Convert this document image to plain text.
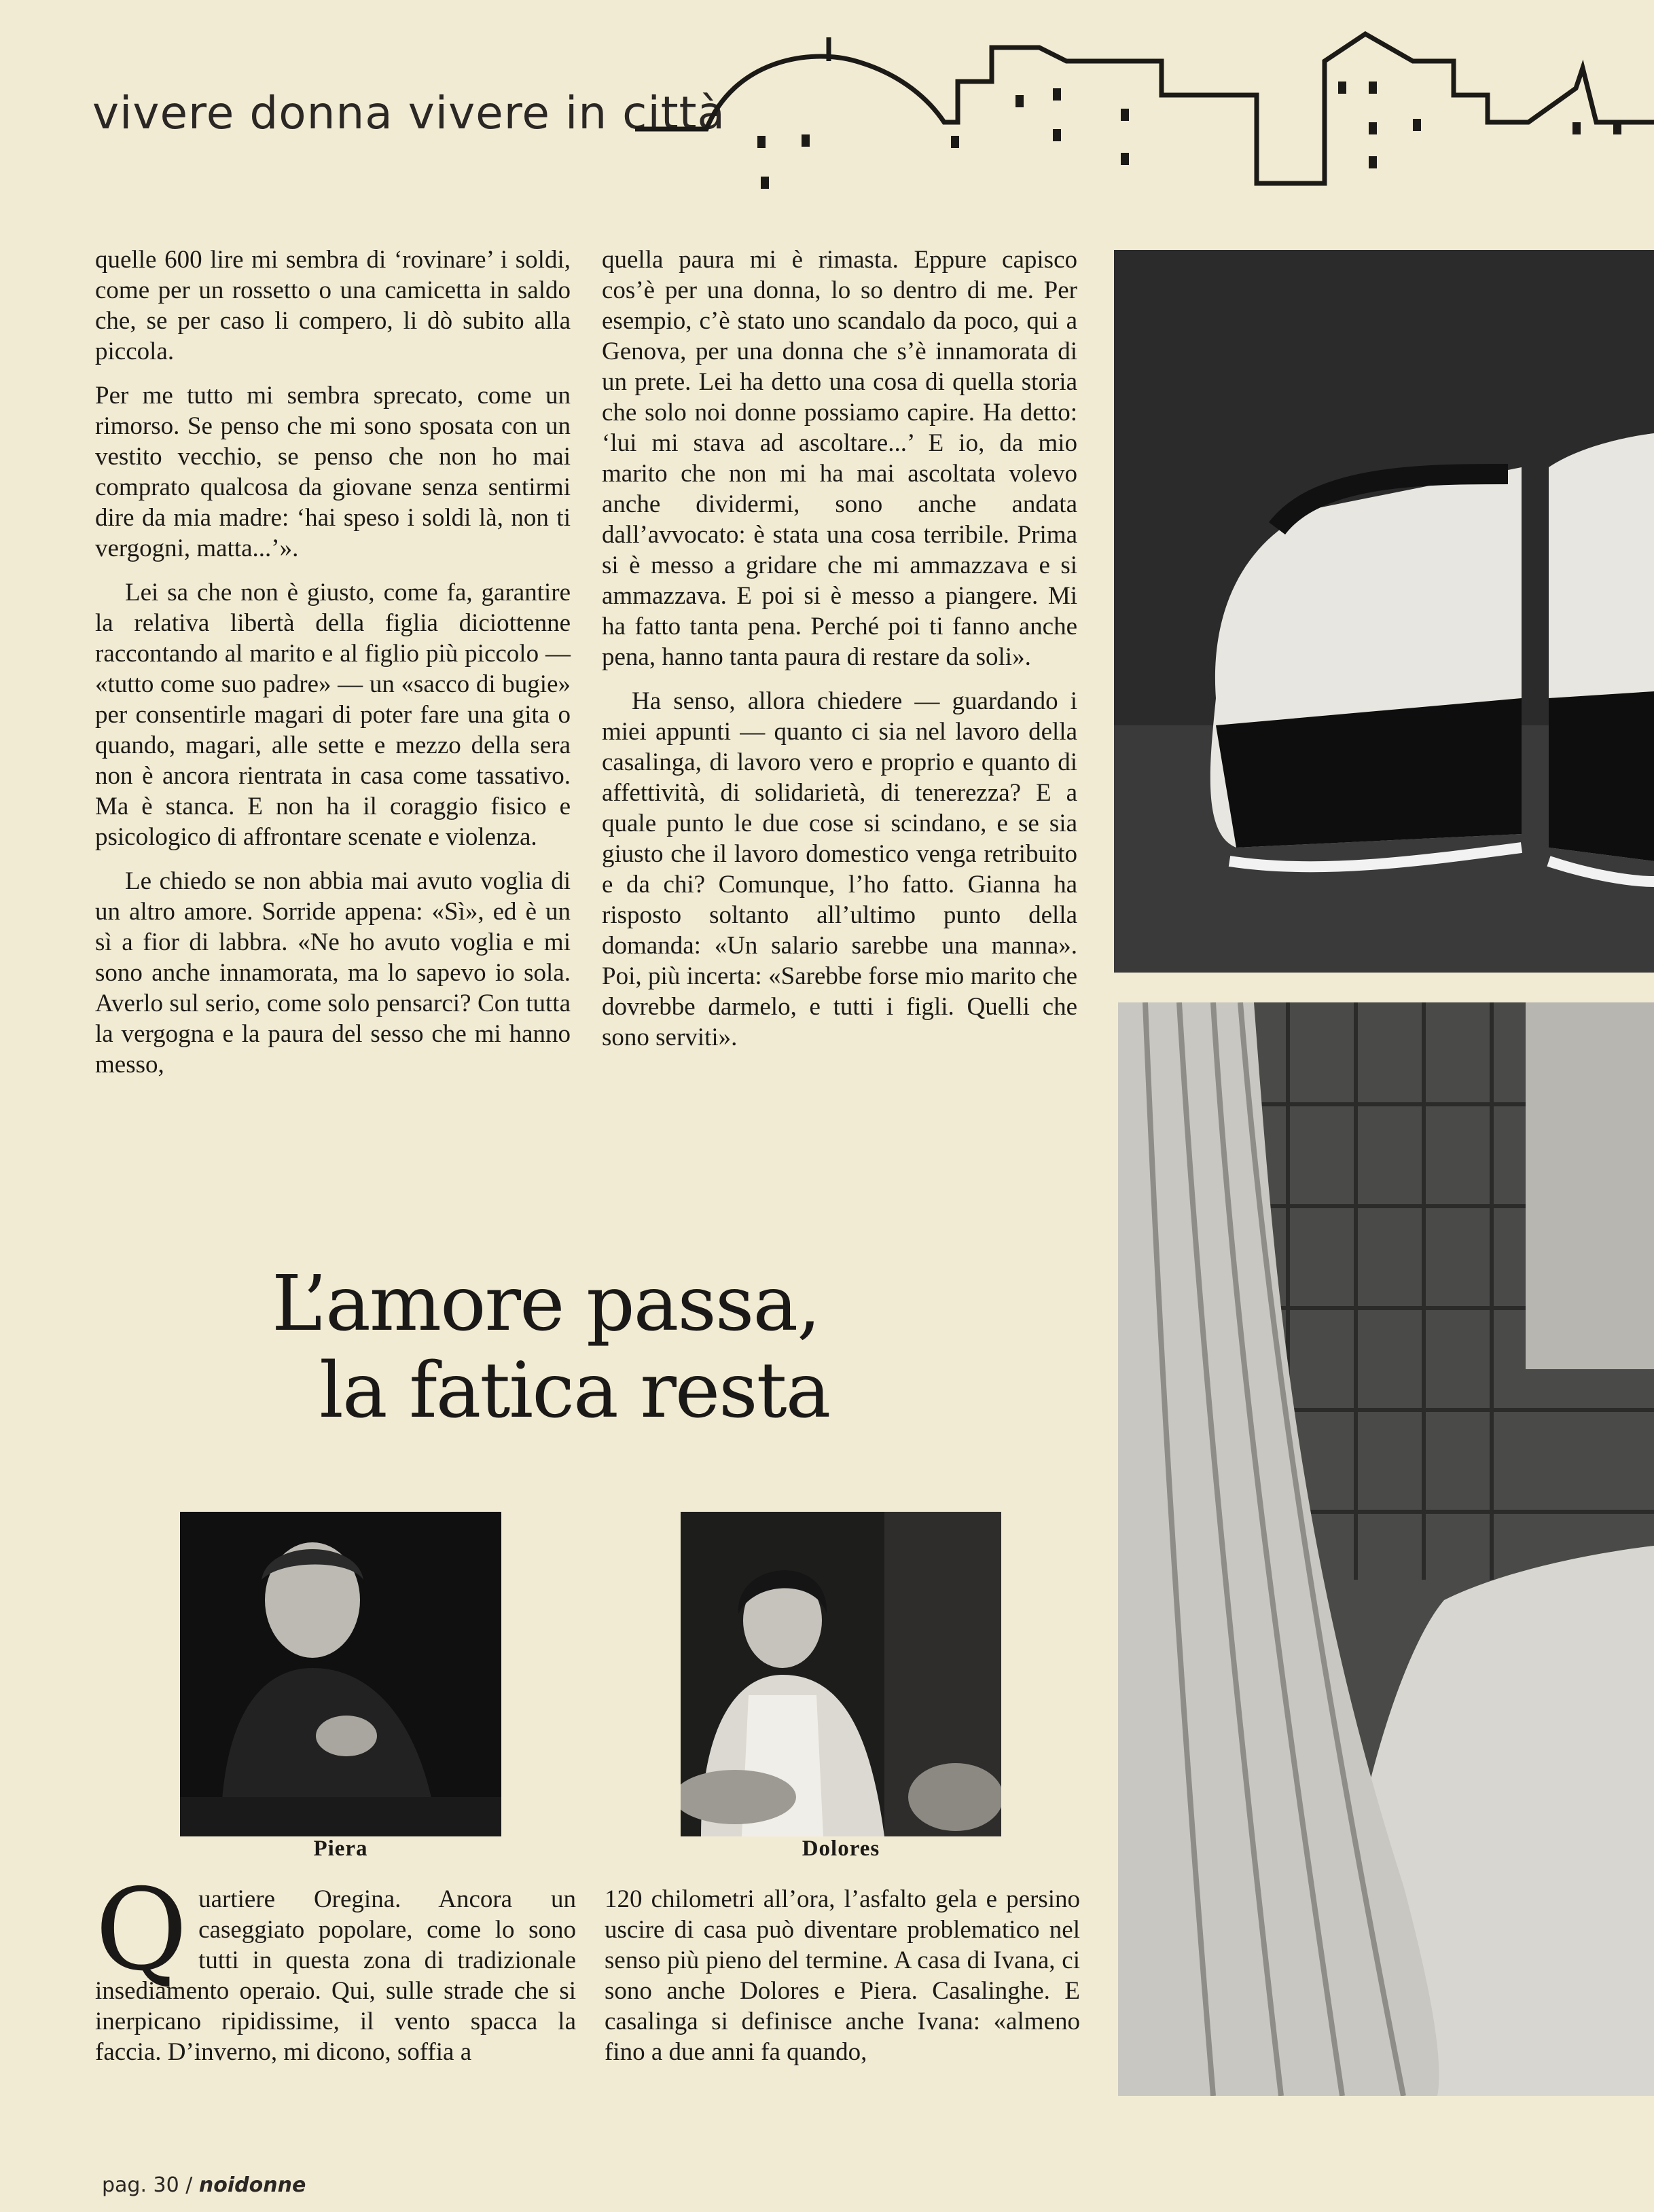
vivere donna vivere in città

quelle 600 lire mi sembra di ‘rovinare’ i soldi, come per un rossetto o una camicetta in saldo che, se per caso li compero, li dò subito alla piccola.

Per me tutto mi sembra sprecato, come un rimorso. Se penso che mi sono sposata con un vestito vecchio, se penso che non ho mai comprato qualcosa da giovane senza sentirmi dire da mia madre: ‘hai speso i soldi là, non ti vergogni, matta...’».

Lei sa che non è giusto, come fa, garantire la relativa libertà della figlia diciottenne raccontando al marito e al figlio più piccolo — «tutto come suo padre» — un «sacco di bugie» per consentirle magari di poter fare una gita o quando, magari, alle sette e mezzo della sera non è ancora rientrata in casa come tassativo. Ma è stanca. E non ha il coraggio fisico e psicologico di affrontare scenate e violenza.

Le chiedo se non abbia mai avuto voglia di un altro amore. Sorride appena: «Sì», ed è un sì a fior di labbra. «Ne ho avuto voglia e mi sono anche innamorata, ma lo sapevo io sola. Averlo sul serio, come solo pensarci? Con tutta la vergogna e la paura del sesso che mi hanno messo,

quella paura mi è rimasta. Eppure capisco cos’è per una donna, lo so dentro di me. Per esempio, c’è stato uno scandalo da poco, qui a Genova, per una donna che s’è innamorata di un prete. Lei ha detto una cosa di quella storia che solo noi donne possiamo capire. Ha detto: ‘lui mi stava ad ascoltare...’ E io, da mio marito che non mi ha mai ascoltata volevo anche dividermi, sono anche andata dall’avvocato: è stata una cosa terribile. Prima si è messo a gridare che mi ammazzava e si ammazzava. E poi si è messo a piangere. Mi ha fatto tanta pena. Perché poi ti fanno anche pena, hanno tanta paura di restare da soli».

Ha senso, allora chiedere — guardando i miei appunti — quanto ci sia nel lavoro della casalinga, di lavoro vero e proprio e quanto di affettività, di solidarietà, di tenerezza? E a quale punto le due cose si scindano, e se sia giusto che il lavoro domestico venga retribuito e da chi? Comunque, l’ho fatto. Gianna ha risposto soltanto all’ultimo punto della domanda: «Un salario sarebbe una manna». Poi, più incerta: «Sarebbe forse mio marito che dovrebbe darmelo, e tutti i figli. Quelli che sono serviti».

L’amore passa,
la fatica resta
Piera	Dolores

Quartiere Oregina. Ancora un caseggiato popolare, come lo sono tutti in questa zona di tradizionale insediamento operaio. Qui, sulle strade che si inerpicano ripidissime, il vento spacca la faccia. D’inverno, mi dicono, soffia a

120 chilometri all’ora, l’asfalto gela e persino uscire di casa può diventare problematico nel senso più pieno del termine. A casa di Ivana, ci sono anche Dolores e Piera. Casalinghe. E casalinga si definisce anche Ivana: «almeno fino a due anni fa quando,

pag. 30 / noidonne
